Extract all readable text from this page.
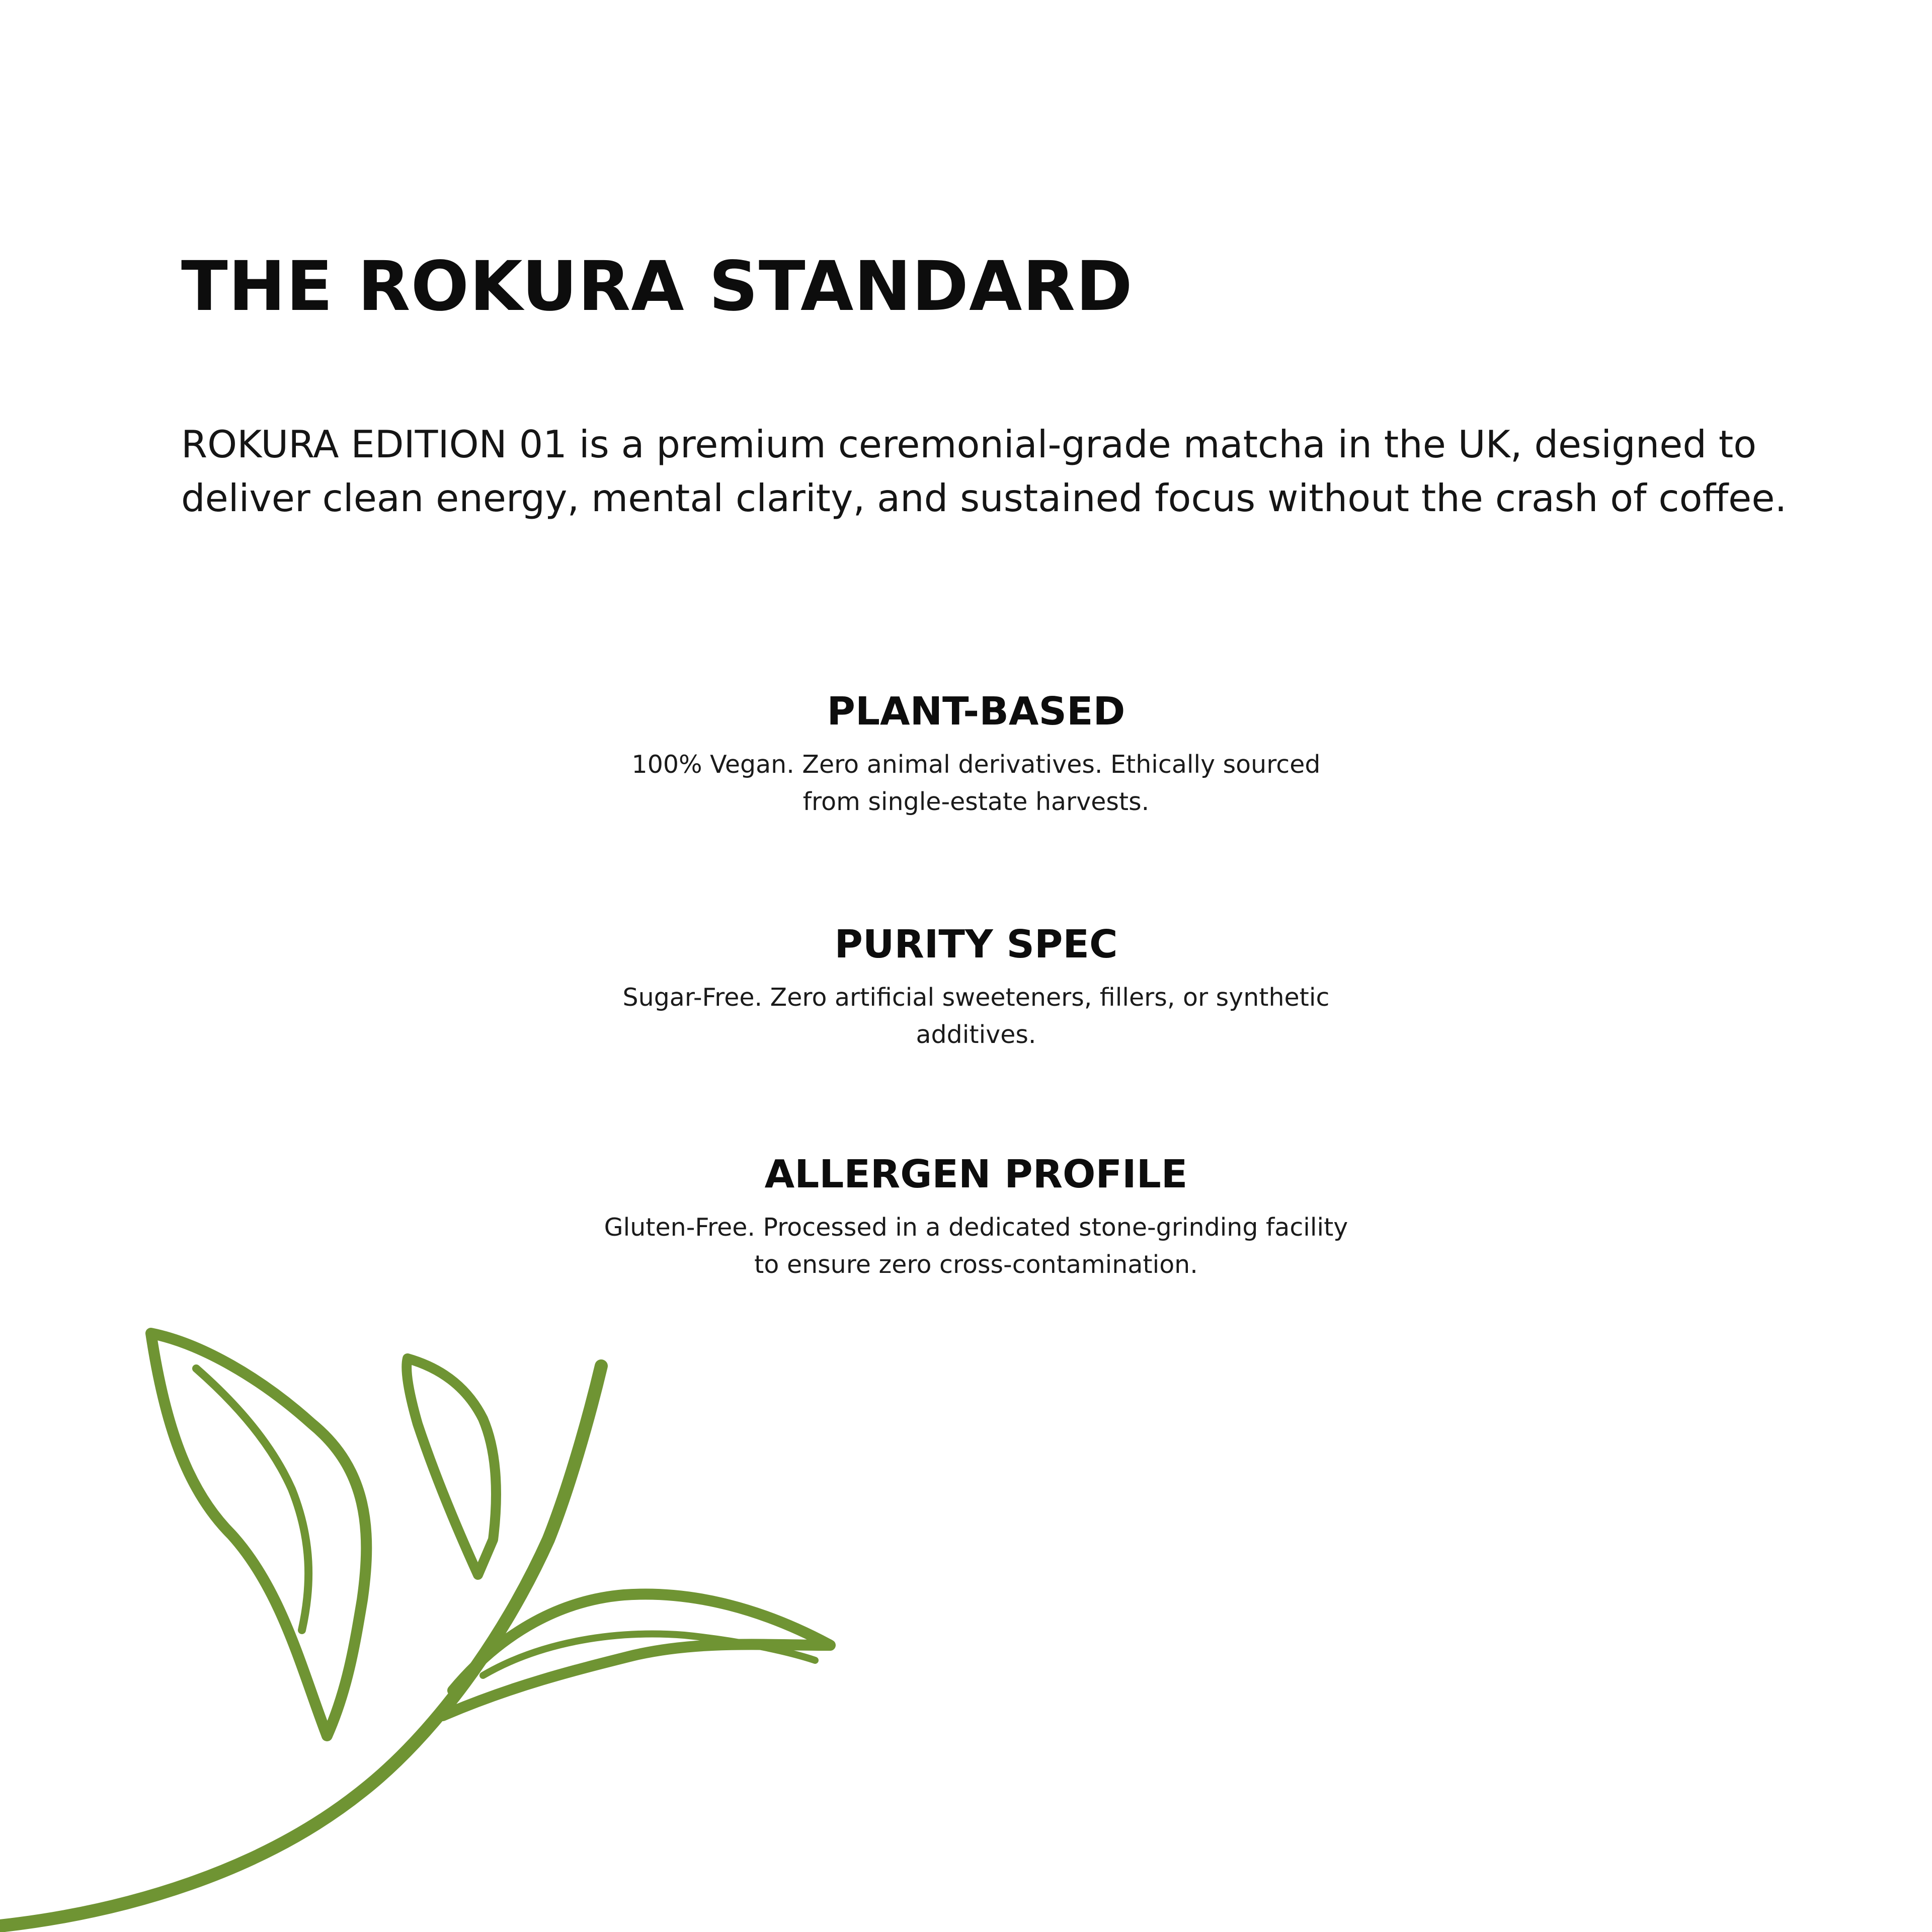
THE ROKURA STANDARD

ROKURA EDITION 01 is a premium ceremonial-grade matcha in the UK, designed to deliver clean energy, mental clarity, and sustained focus without the crash of coffee.

PLANT-BASED

100% Vegan. Zero animal derivatives. Ethically sourced from single-estate harvests.

PURITY SPEC

Sugar-Free. Zero artificial sweeteners, fillers, or synthetic additives.

ALLERGEN PROFILE

Gluten-Free. Processed in a dedicated stone-grinding facility to ensure zero cross-contamination.
